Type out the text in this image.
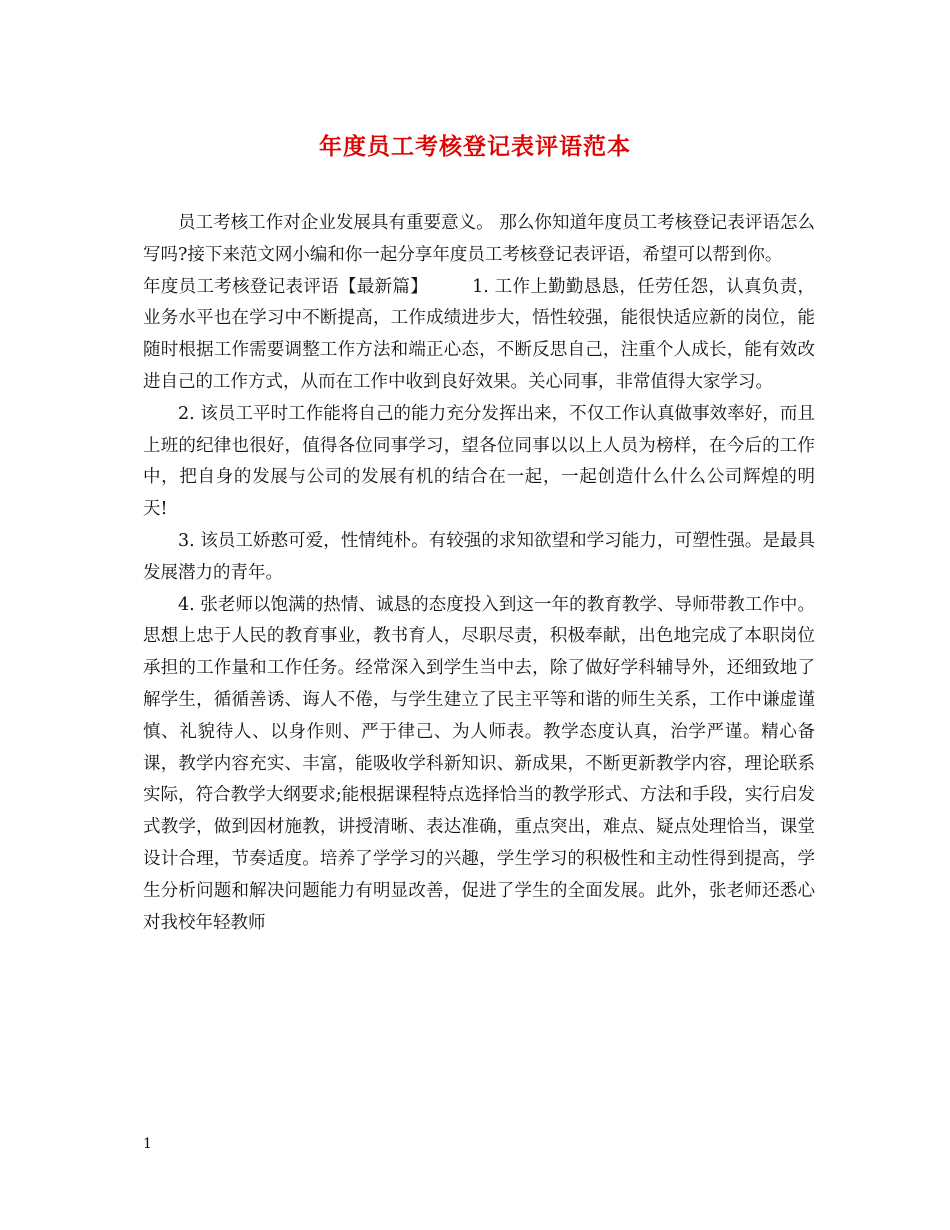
年度员工考核登记表评语范本

员工考核工作对企业发展具有重要意义。 那么你知道年度员工考核登记表评语怎么写吗?接下来范文网小编和你一起分享年度员工考核登记表评语，希望可以帮到你。

年度员工考核登记表评语【最新篇】	1. 工作上勤勤恳恳，任劳任怨，认真负责，业务水平也在学习中不断提高，工作成绩进步大，悟性较强，能很快适应新的岗位，能随时根据工作需要调整工作方法和端正心态，不断反思自己，注重个人成长，能有效改进自己的工作方式，从而在工作中收到良好效果。关心同事，非常值得大家学习。

2. 该员工平时工作能将自己的能力充分发挥出来，不仅工作认真做事效率好，而且上班的纪律也很好，值得各位同事学习，望各位同事以以上人员为榜样，在今后的工作中，把自身的发展与公司的发展有机的结合在一起，一起创造什么什么公司辉煌的明天!

3. 该员工娇憨可爱，性情纯朴。有较强的求知欲望和学习能力，可塑性强。是最具发展潜力的青年。

4. 张老师以饱满的热情、诚恳的态度投入到这一年的教育教学、导师带教工作中。思想上忠于人民的教育事业，教书育人，尽职尽责，积极奉献，出色地完成了本职岗位承担的工作量和工作任务。经常深入到学生当中去，除了做好学科辅导外，还细致地了解学生，循循善诱、诲人不倦，与学生建立了民主平等和谐的师生关系，工作中谦虚谨慎、礼貌待人、以身作则、严于律己、为人师表。教学态度认真，治学严谨。精心备课，教学内容充实、丰富，能吸收学科新知识、新成果，不断更新教学内容，理论联系实际，符合教学大纲要求;能根据课程特点选择恰当的教学形式、方法和手段，实行启发式教学，做到因材施教，讲授清晰、表达准确，重点突出，难点、疑点处理恰当，课堂设计合理，节奏适度。培养了学学习的兴趣，学生学习的积极性和主动性得到提高，学生分析问题和解决问题能力有明显改善，促进了学生的全面发展。此外，张老师还悉心对我校年轻教师

1
